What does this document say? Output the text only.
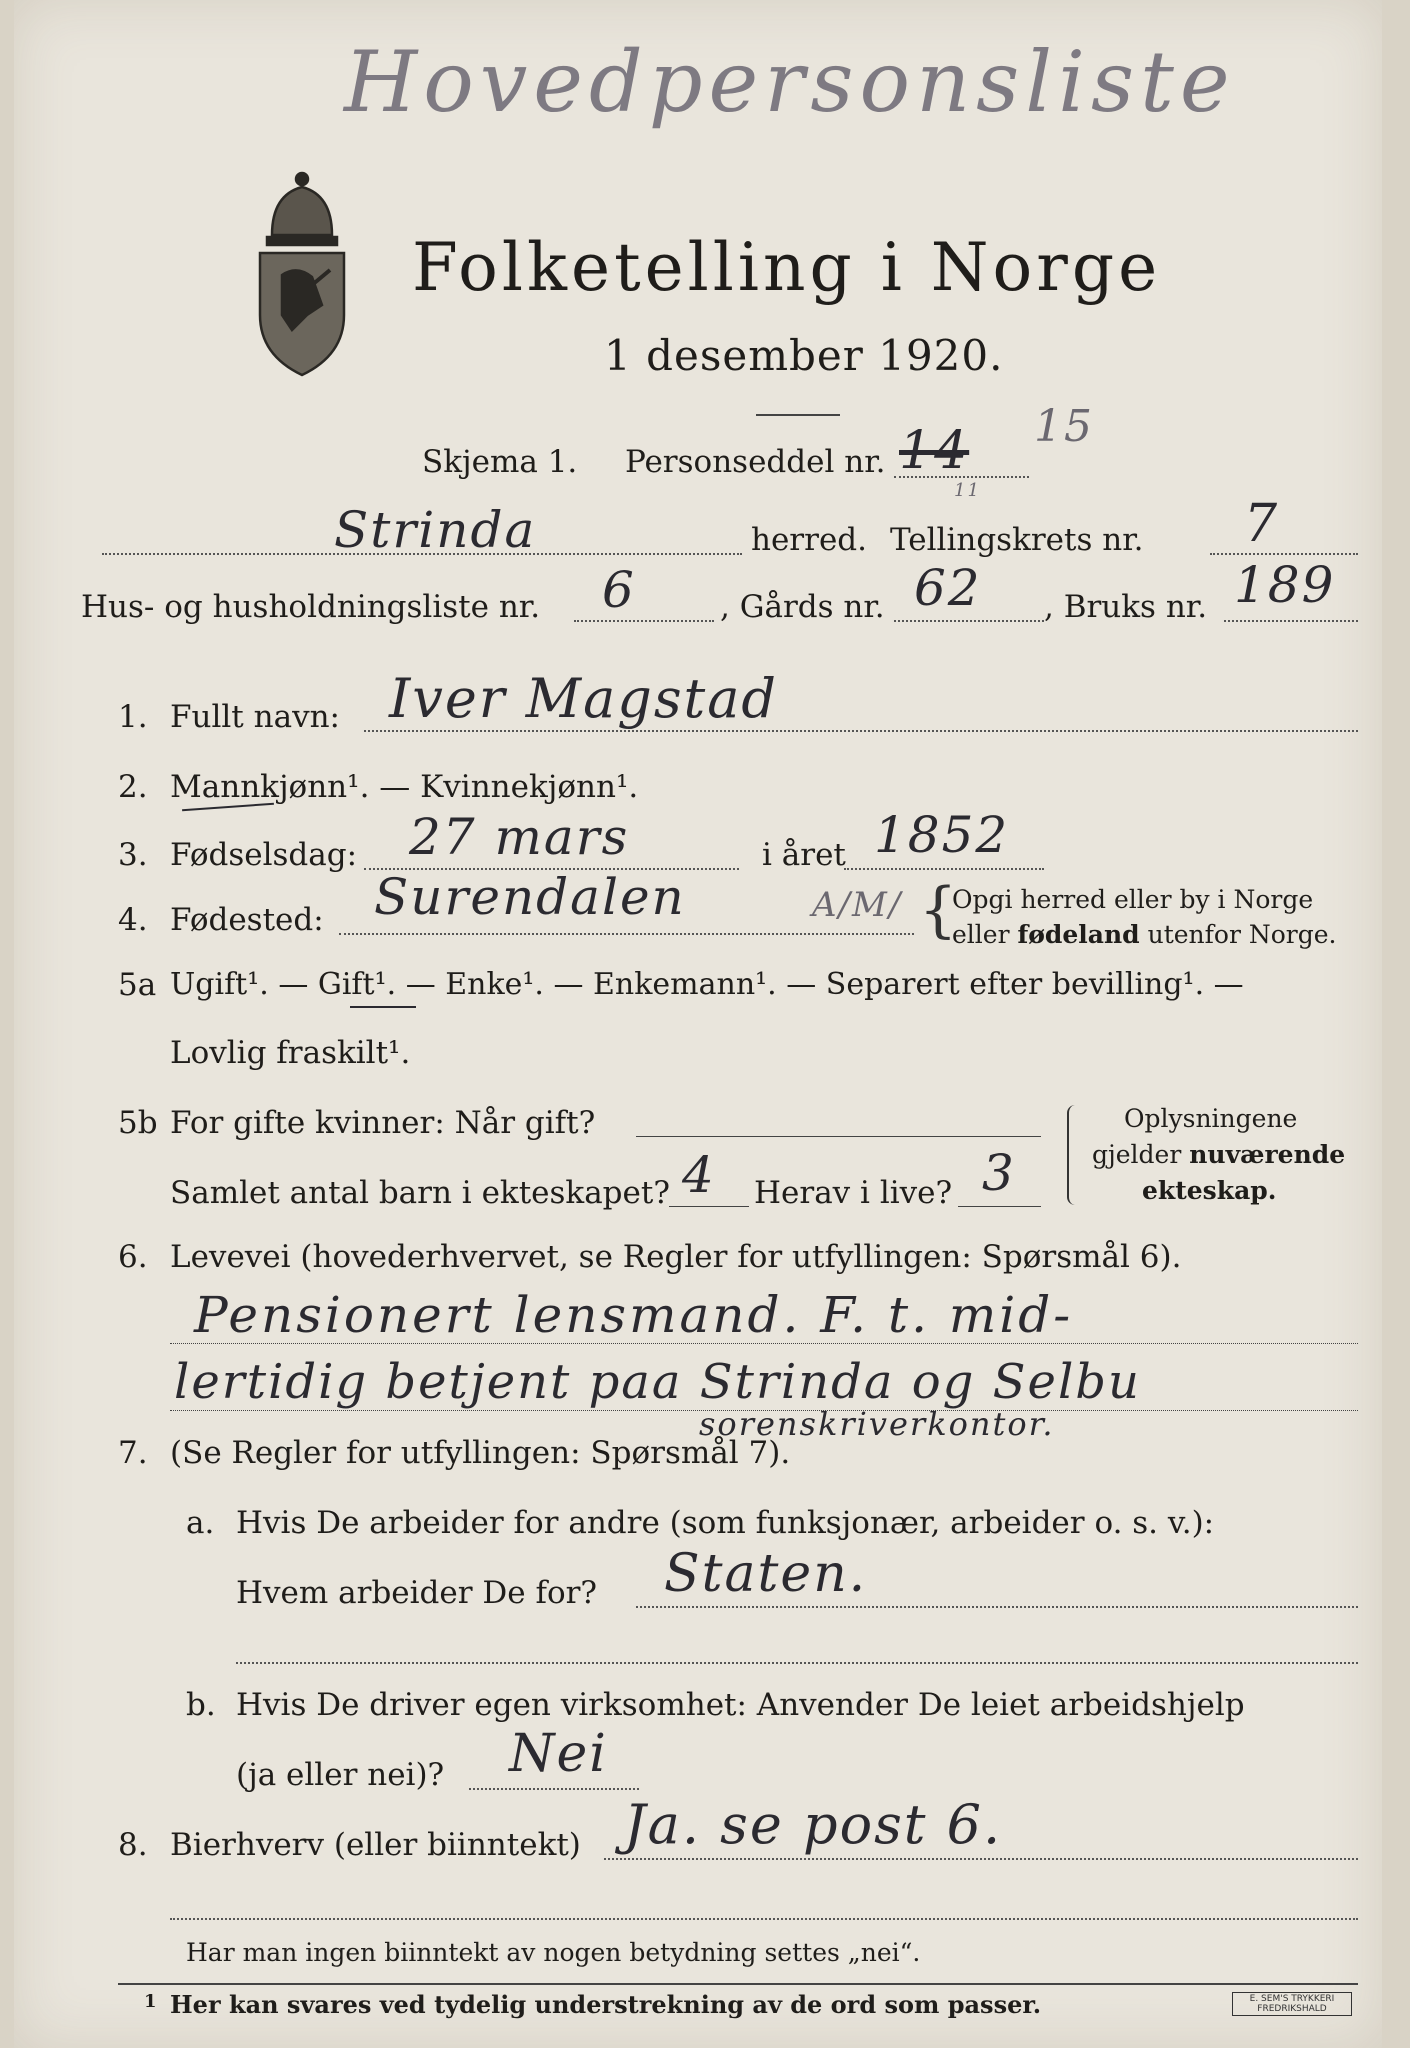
Hovedpersonsliste
Folketelling i Norge
1 desember 1920.
Skjema 1. Personseddel nr. 14 15
11
Strinda	herred. Tellingskrets nr. 7
Hus- og husholdningsliste nr. 6	, Gårds nr. 62 , Bruks nr. 189
1. Fullt navn: Iver Magstad
2. Mannkjønn¹. — Kvinnekjønn¹.
3. Fødselsdag: 27 mars	i året 1852
4. Fødested: Surendalen	A/M/ {
Opgi herred eller by i Norge
eller fødeland utenfor Norge.
5a Ugift¹. — Gift¹. — Enke¹. — Enkemann¹. — Separert efter bevilling¹. —
Lovlig fraskilt¹.
5b For gifte kvinner: Når gift?
Samlet antal barn i ekteskapet? 4 Herav i live? 3
Oplysningene
gjelder nuværende
ekteskap.
6. Levevei (hovederhvervet, se Regler for utfyllingen: Spørsmål 6).
Pensionert lensmand. F. t. mid-
lertidig betjent paa Strinda og Selbu
sorenskriverkontor.
7. (Se Regler for utfyllingen: Spørsmål 7).
a. Hvis De arbeider for andre (som funksjonær, arbeider o. s. v.):
Hvem arbeider De for? Staten.
b. Hvis De driver egen virksomhet: Anvender De leiet arbeidshjelp
(ja eller nei)? Nei
8. Bierhverv (eller biinntekt) Ja. se post 6.
Har man ingen biinntekt av nogen betydning settes „nei“.
1 Her kan svares ved tydelig understrekning av de ord som passer.	E. SEM'S TRYKKERI
FREDRIKSHALD
